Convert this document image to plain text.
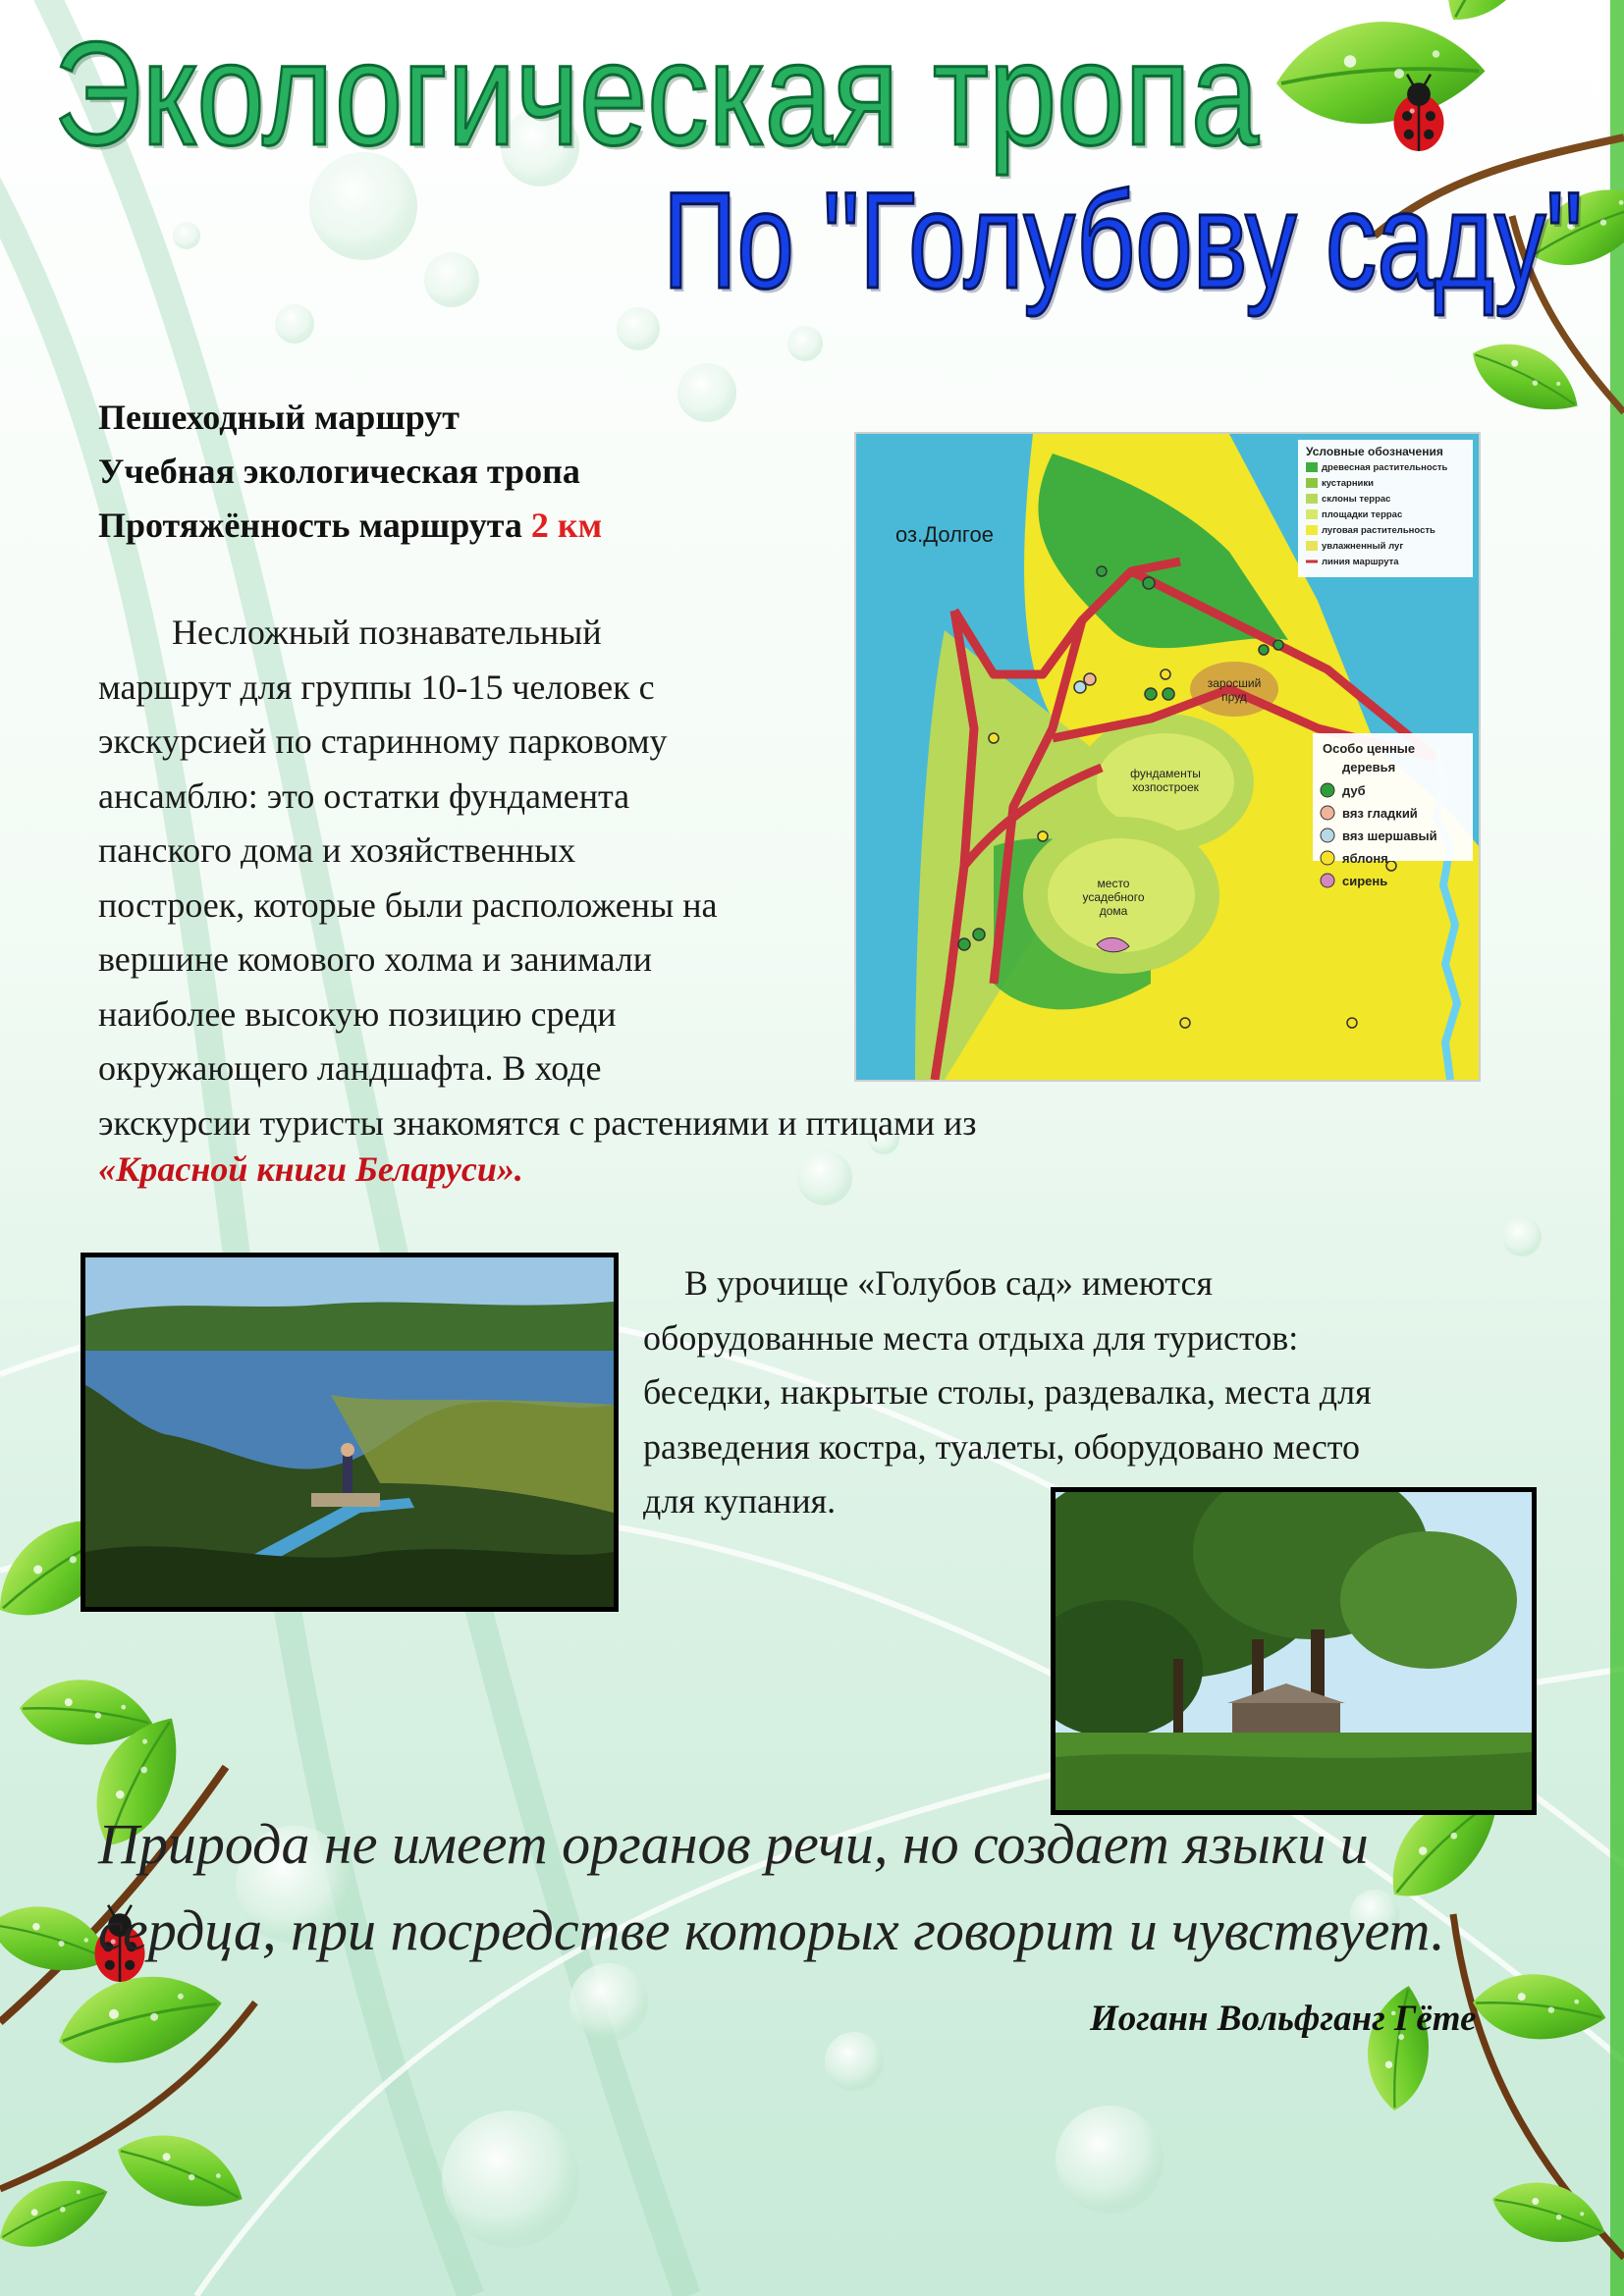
Экологическая тропа
По "Голубову саду"
Пешеходный маршрут
Учебная экологическая тропа
Протяжённость маршрута 2 км
Несложный познавательный
маршрут для группы 10-15 человек с
экскурсией по старинному парковому
ансамблю: это остатки фундамента
панского дома и хозяйственных
построек, которые были расположены на
вершине комового холма и занимали
наиболее высокую позицию среди
окружающего ландшафта. В ходе
экскурсии туристы знакомятся с растениями и птицами из
«Красной книги Беларуси».
Условные обозначения
древесная растительность
кустарники
склоны террас
площадки террас
луговая растительность
увлажненный луг
линия маршрута
оз.Долгое
заросший
пруд
фундаменты
хозпостроек
место
усадебного
дома
Особо ценные
деревья
дуб
вяз гладкий
вяз шершавый
яблоня
сирень
В урочище «Голубов сад» имеются
оборудованные места отдыха для туристов:
беседки, накрытые столы, раздевалка, места для
разведения костра, туалеты, оборудовано место
для купания.
Природа не имеет органов речи, но создает языки и
сердца, при посредстве которых говорит и чувствует.
Иоганн Вольфганг Гёте
